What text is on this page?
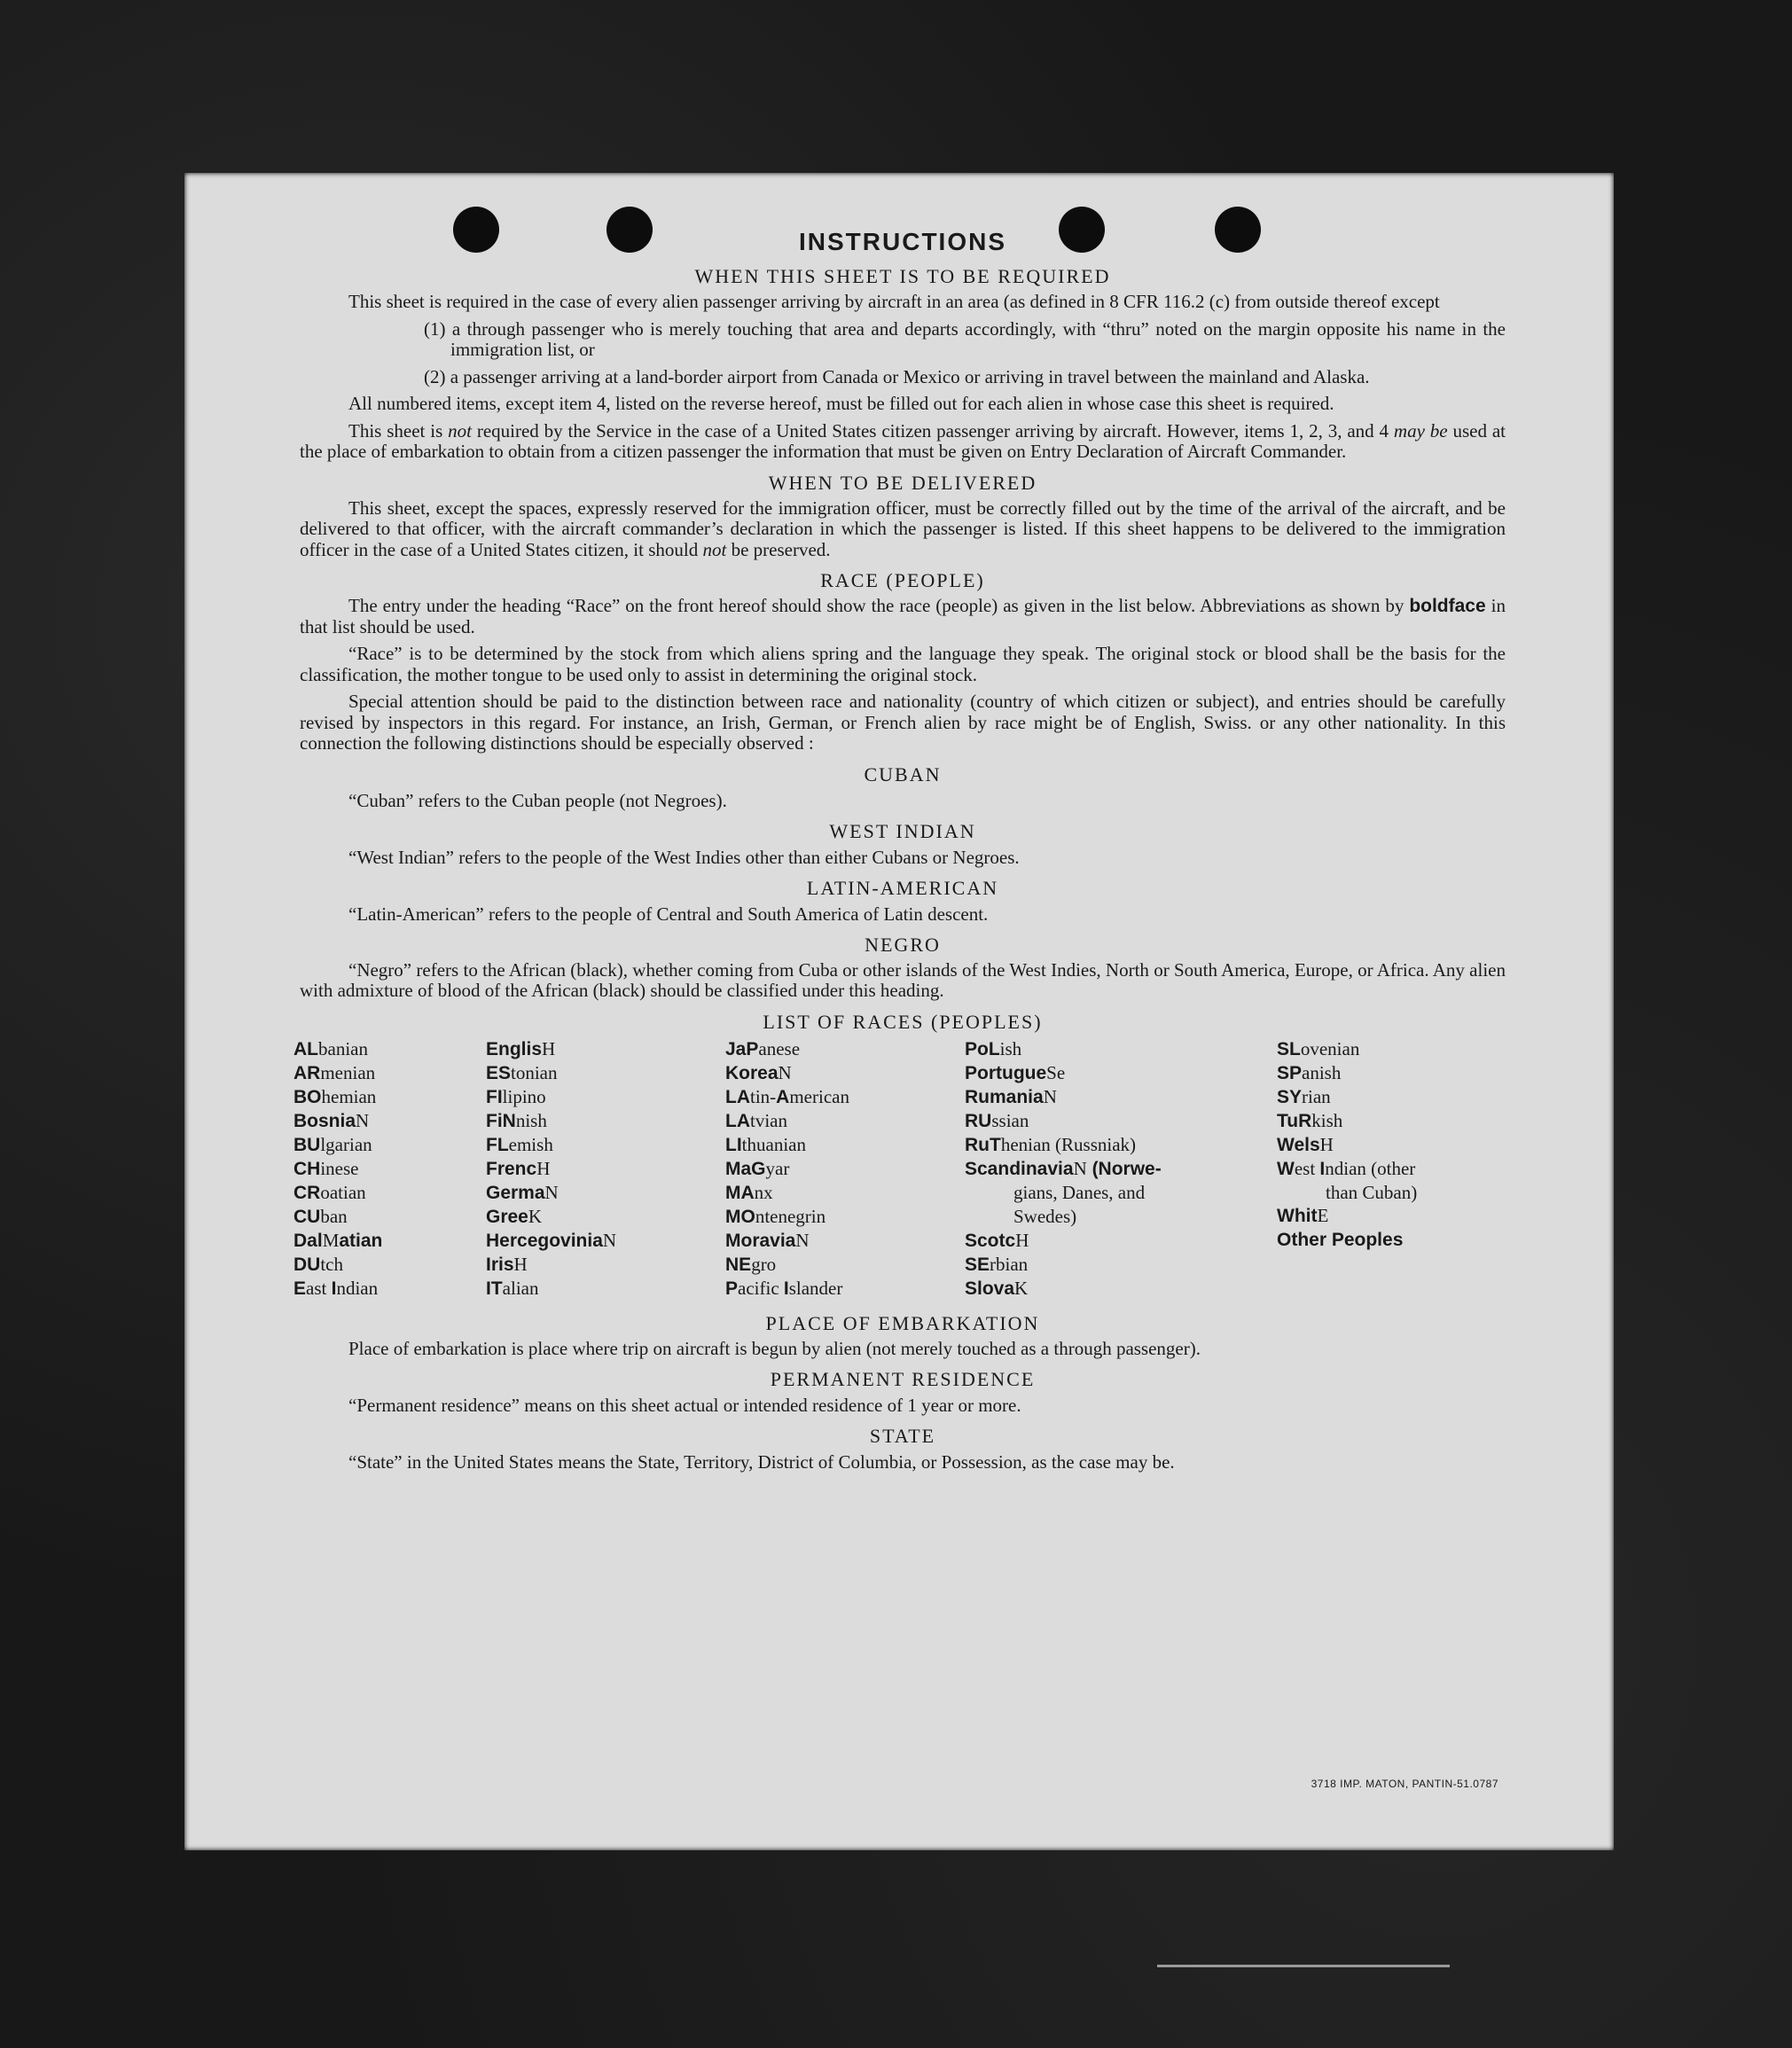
INSTRUCTIONS
WHEN THIS SHEET IS TO BE REQUIRED

This sheet is required in the case of every alien passenger arriving by aircraft in an area (as defined in 8 CFR 116.2 (c) from outside thereof except

(1) a through passenger who is merely touching that area and departs accordingly, with “thru” noted on the margin opposite his name in the immigration list, or

(2) a passenger arriving at a land-border airport from Canada or Mexico or arriving in travel between the mainland and Alaska.

All numbered items, except item 4, listed on the reverse hereof, must be filled out for each alien in whose case this sheet is required.

This sheet is not required by the Service in the case of a United States citizen passenger arriving by aircraft. However, items 1, 2, 3, and 4 may be used at the place of embarkation to obtain from a citizen passenger the information that must be given on Entry Declaration of Aircraft Commander.

WHEN TO BE DELIVERED

This sheet, except the spaces, expressly reserved for the immigration officer, must be correctly filled out by the time of the arrival of the aircraft, and be delivered to that officer, with the aircraft commander’s declaration in which the passenger is listed. If this sheet happens to be delivered to the immigration officer in the case of a United States citizen, it should not be preserved.

RACE (PEOPLE)

The entry under the heading “Race” on the front hereof should show the race (people) as given in the list below. Abbreviations as shown by boldface in that list should be used.

“Race” is to be determined by the stock from which aliens spring and the language they speak. The original stock or blood shall be the basis for the classification, the mother tongue to be used only to assist in determining the original stock.

Special attention should be paid to the distinction between race and nationality (country of which citizen or subject), and entries should be carefully revised by inspectors in this regard. For instance, an Irish, German, or French alien by race might be of English, Swiss. or any other nationality. In this connection the following distinctions should be especially observed :

CUBAN
“Cuban” refers to the Cuban people (not Negroes).
WEST INDIAN
“West Indian” refers to the people of the West Indies other than either Cubans or Negroes.
LATIN-AMERICAN
“Latin-American” refers to the people of Central and South America of Latin descent.
NEGRO

“Negro” refers to the African (black), whether coming from Cuba or other islands of the West Indies, North or South America, Europe, or Africa. Any alien with admixture of blood of the African (black) should be classified under this heading.

LIST OF RACES (PEOPLES)
ALbanian
ARmenian
BOhemian
BosniaN
BUlgarian
CHinese
CRoatian
CUban
DalMatian
DUtch
East Indian
EnglisH
EStonian
FIlipino
FiNnish
FLemish
FrencH
GermaN
GreeK
HercegoviniaN
IrisH
ITalian
JaPanese
KoreaN
LAtin-American
LAtvian
LIthuanian
MaGyar
MAnx
MOntenegrin
MoraviaN
NEgro
Pacific Islander
PoLish
PortugueSe
RumaniaN
RUssian
RuThenian (Russniak)
ScandinaviaN (Norwe-
gians, Danes, and
Swedes)
ScotcH
SErbian
SlovaK
SLovenian
SPanish
SYrian
TuRkish
WelsH
West Indian (other
than Cuban)
WhitE
Other Peoples
PLACE OF EMBARKATION

Place of embarkation is place where trip on aircraft is begun by alien (not merely touched as a through passenger).

PERMANENT RESIDENCE
“Permanent residence” means on this sheet actual or intended residence of 1 year or more.
STATE
“State” in the United States means the State, Territory, District of Columbia, or Possession, as the case may be.
3718 IMP. MATON, PANTIN-51.0787
